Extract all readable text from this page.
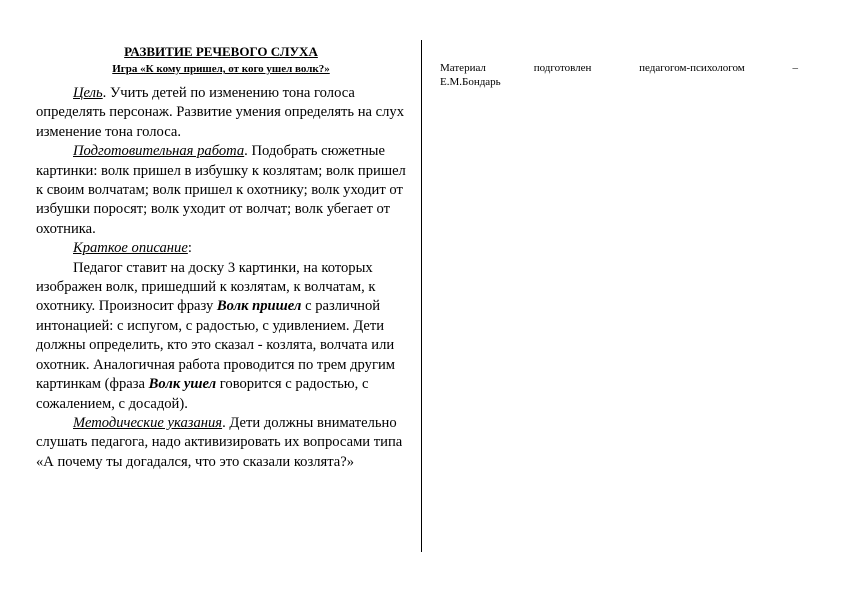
РАЗВИТИЕ РЕЧЕВОГО СЛУХА

Игра «К кому пришел, от кого ушел волк?»

Цель. Учить детей по изменению тона голоса определять персонаж. Развитие умения определять на слух изменение тона голоса.

Подготовительная работа. Подобрать сюжетные картинки: волк пришел в избушку к козлятам; волк пришел к своим волчатам; волк пришел к охотнику; волк уходит от избушки поросят; волк уходит от волчат; волк убегает от охотника.

Краткое описание:

Педагог ставит на доску 3 картинки, на которых изображен волк, пришедший к козлятам, к волчатам, к охотнику. Произносит фразу Волк пришел с различной интонацией: с испугом, с радостью, с удивлением. Дети должны определить, кто это сказал - козлята, волчата или охотник. Аналогичная работа проводится по трем другим картинкам (фраза Волк ушел говорится с радостью, с сожалением, с досадой).

Методические указания. Дети должны внимательно слушать педагога, надо активизировать их вопросами типа «А почему ты догадался, что это сказали козлята?»

Материал	подготовлен	педагогом-психологом	–
Е.М.Бондарь
